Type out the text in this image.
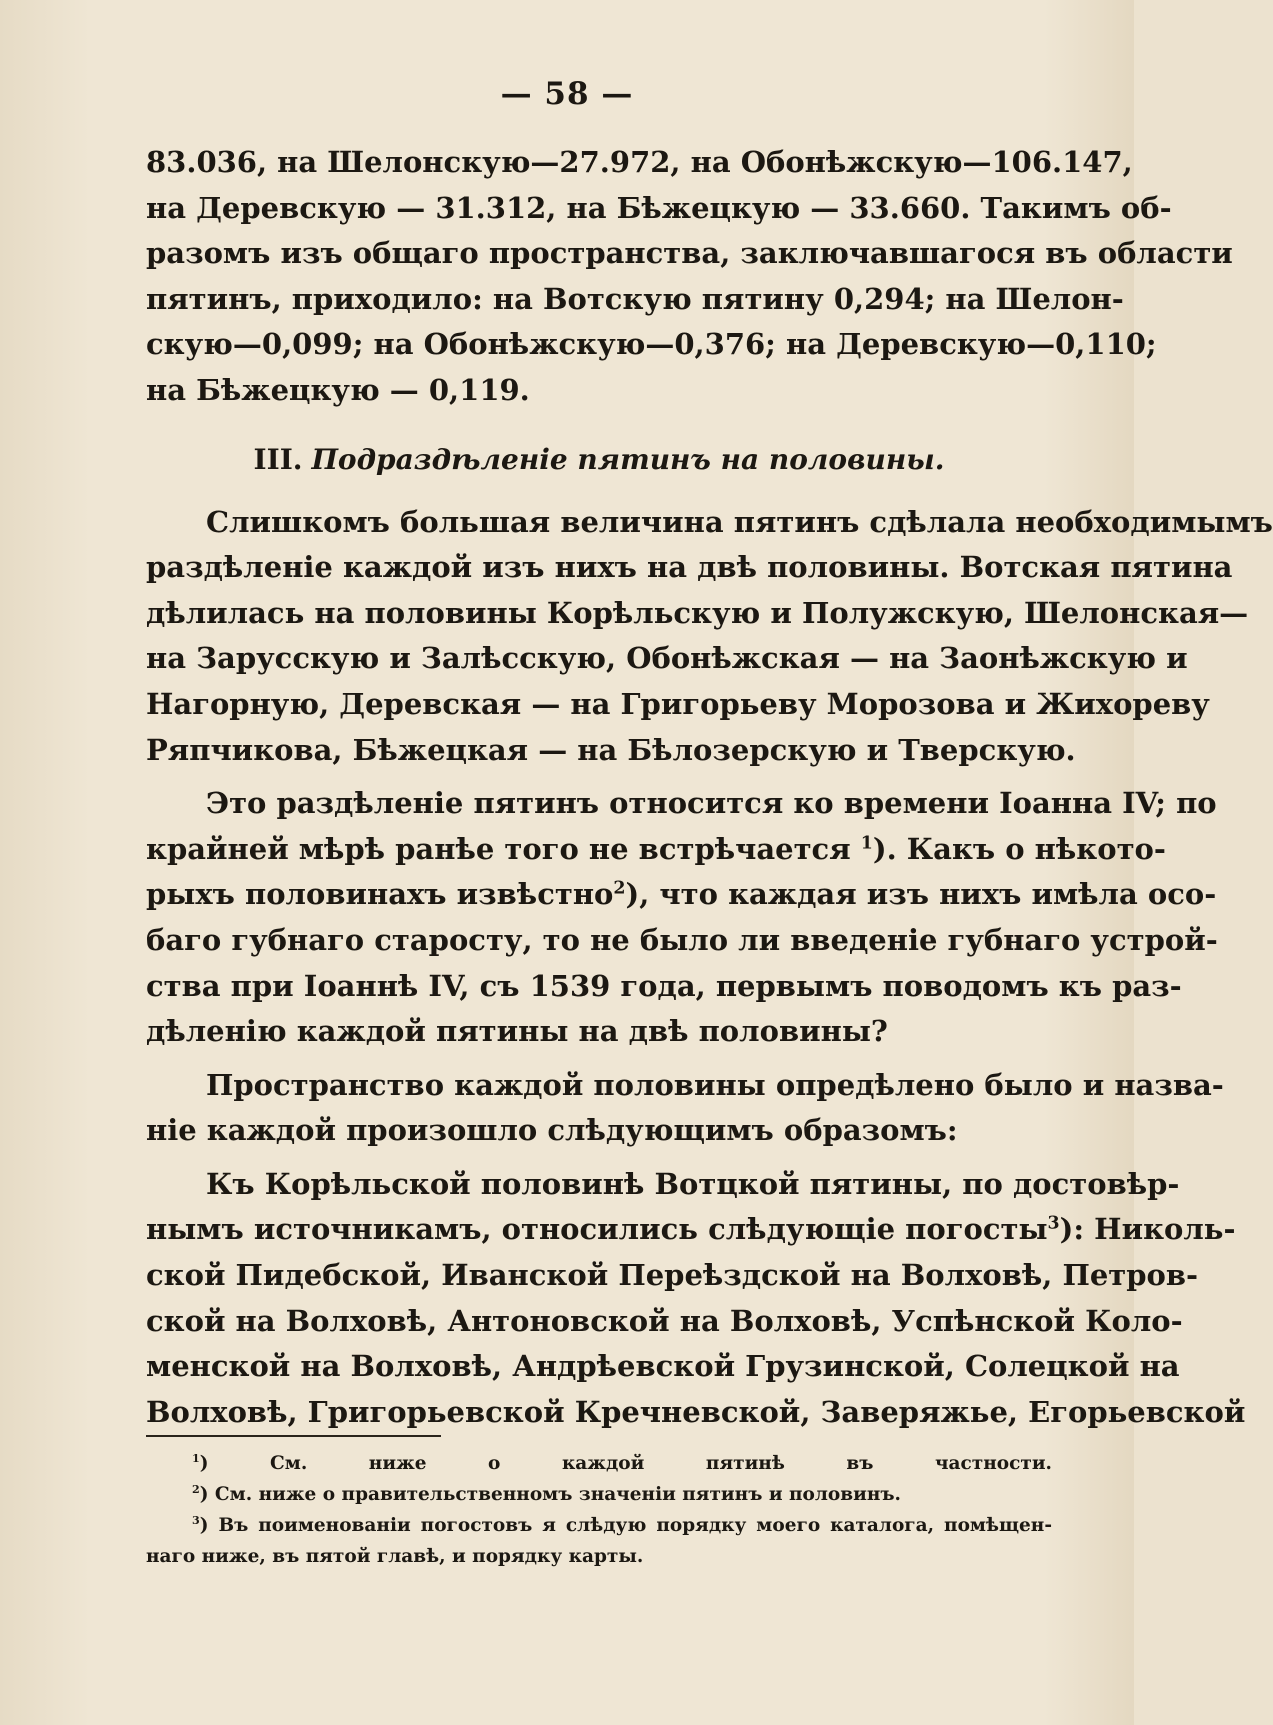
— 58 —
83.036, на Шелонскую—27.972, на Обонѣжскую—106.147,
на Деревскую — 31.312, на Бѣжецкую — 33.660. Такимъ об-
разомъ изъ общаго пространства, заключавшагося въ области
пятинъ, приходило: на Вотскую пятину 0,294; на Шелон-
скую—0,099; на Обонѣжскую—0,376; на Деревскую—0,110;
на Бѣжецкую — 0,119.
III. Подраздѣленіе пятинъ на половины.
Слишкомъ большая величина пятинъ сдѣлала необходимымъ
раздѣленіе каждой изъ нихъ на двѣ половины. Вотская пятина
дѣлилась на половины Корѣльскую и Полужскую, Шелонская—
на Зарусскую и Залѣсскую, Обонѣжская — на Заонѣжскую и
Нагорную, Деревская — на Григорьеву Морозова и Жихореву
Ряпчикова, Бѣжецкая — на Бѣлозерскую и Тверскую.
Это раздѣленіе пятинъ относится ко времени Іоанна IV; по
крайней мѣрѣ ранѣе того не встрѣчается $^1$). Какъ о нѣкото-
рыхъ половинахъ извѣстно$^2$), что каждая изъ нихъ имѣла осо-
баго губнаго старосту, то не было ли введеніе губнаго устрой-
ства при Іоаннѣ IV, съ 1539 года, первымъ поводомъ къ раз-
дѣленію каждой пятины на двѣ половины?
Пространство каждой половины опредѣлено было и назва-
ніе каждой произошло слѣдующимъ образомъ:
Къ Корѣльской половинѣ Вотцкой пятины, по достовѣр-
нымъ источникамъ, относились слѣдующіе погосты$^3$): Николь-
ской Пидебской, Иванской Переѣздской на Волховѣ, Петров-
ской на Волховѣ, Антоновской на Волховѣ, Успѣнской Коло-
менской на Волховѣ, Андрѣевской Грузинской, Солецкой на
Волховѣ, Григорьевской Кречневской, Заверяжье, Егорьевской
$^1$) См. ниже о каждой пятинѣ въ частности.
$^2$) См. ниже о правительственномъ значеніи пятинъ и половинъ.
$^3$) Въ поименованіи погостовъ я слѣдую порядку моего каталога, помѣщен-
наго ниже, въ пятой главѣ, и порядку карты.
